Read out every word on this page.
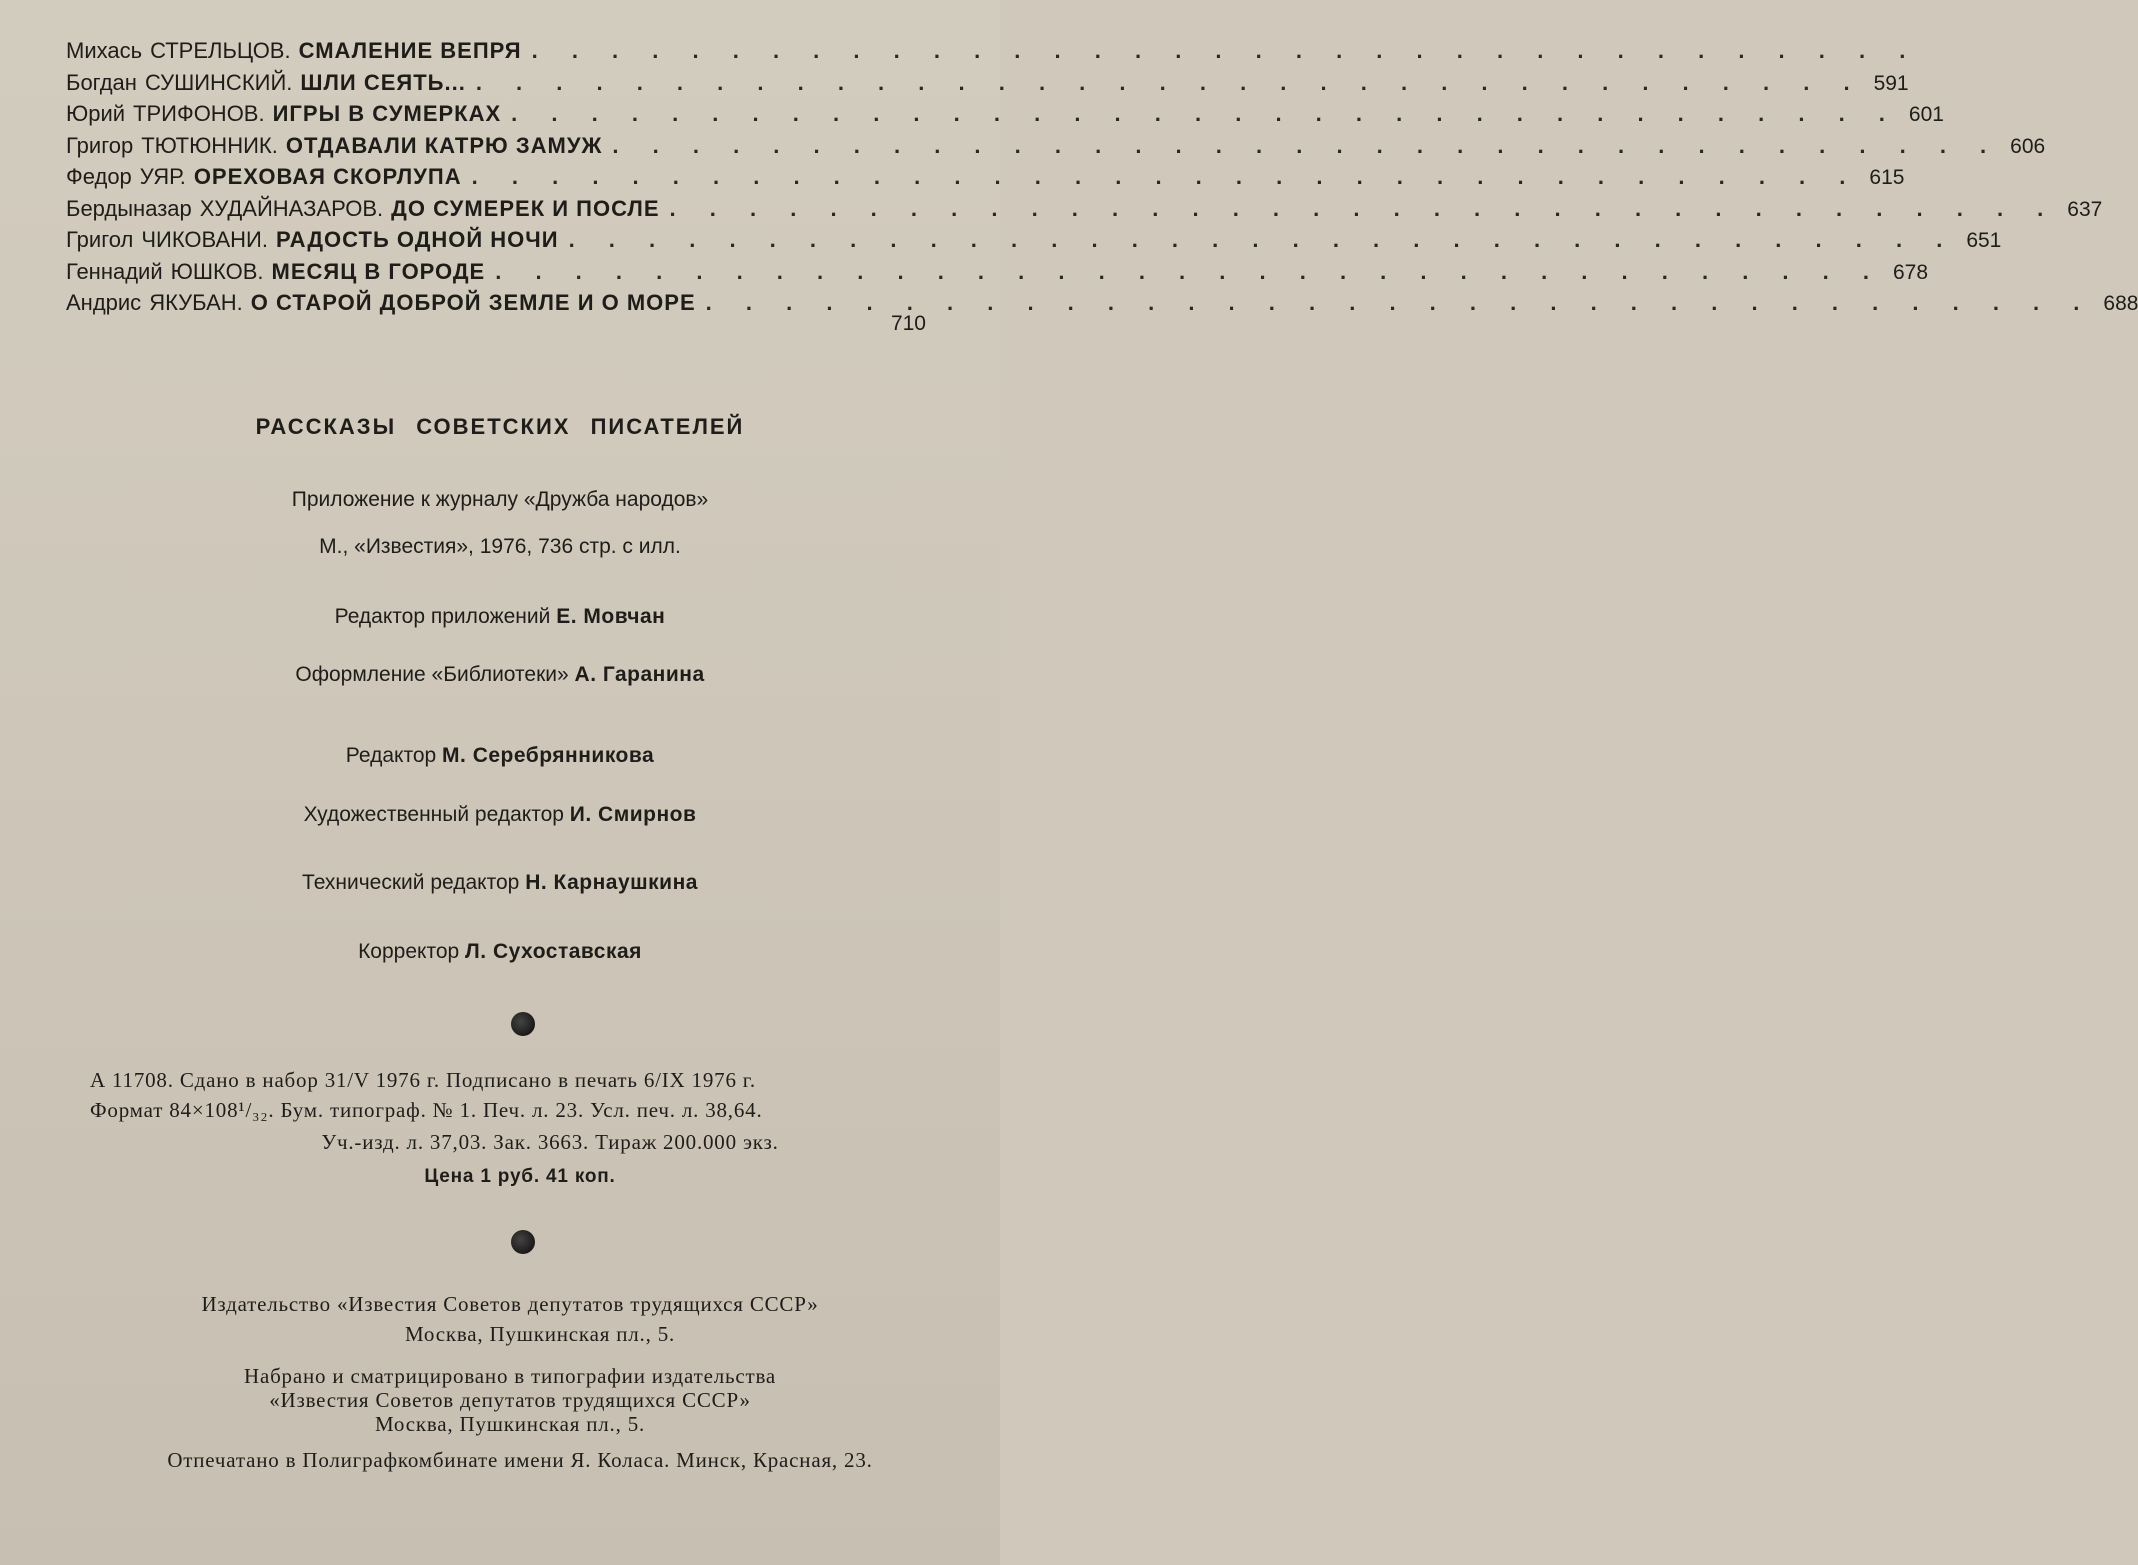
Михась СТРЕЛЬЦОВ. СМАЛЕНИЕ ВЕПРЯ . . . . . . . . . . . . . . . . . . . . . . . . . . . . . . . . . . .
Богдан СУШИНСКИЙ. ШЛИ СЕЯТЬ... . . . . . . . . . . . . . . . . . . . . . . . . . . . . . . . . . . . 591
Юрий ТРИФОНОВ. ИГРЫ В СУМЕРКАХ . . . . . . . . . . . . . . . . . . . . . . . . . . . . . . . . . . . 601
Григор ТЮТЮННИК. ОТДАВАЛИ КАТРЮ ЗАМУЖ . . . . . . . . . . . . . . . . . . . . . . . . . . . . . . . . . . . 606
Федор УЯР. ОРЕХОВАЯ СКОРЛУПА . . . . . . . . . . . . . . . . . . . . . . . . . . . . . . . . . . . 615
Бердыназар ХУДАЙНАЗАРОВ. ДО СУМЕРЕК И ПОСЛЕ . . . . . . . . . . . . . . . . . . . . . . . . . . . . . . . . . . . 637
Григол ЧИКОВАНИ. РАДОСТЬ ОДНОЙ НОЧИ . . . . . . . . . . . . . . . . . . . . . . . . . . . . . . . . . . . 651
Геннадий ЮШКОВ. МЕСЯЦ В ГОРОДЕ . . . . . . . . . . . . . . . . . . . . . . . . . . . . . . . . . . . 678
Андрис ЯКУБАН. О СТАРОЙ ДОБРОЙ ЗЕМЛЕ И О МОРЕ . . . . . . . . . . . . . . . . . . . . . . . . . . . . . . . . . . . 688
710
РАССКАЗЫ СОВЕТСКИХ ПИСАТЕЛЕЙ
Приложение к журналу «Дружба народов»
М., «Известия», 1976, 736 стр. с илл.
Редактор приложений Е. Мовчан
Оформление «Библиотеки» А. Гаранина
Редактор М. Серебрянникова
Художественный редактор И. Смирнов
Технический редактор Н. Карнаушкина
Корректор Л. Сухоставская
А 11708. Сдано в набор 31/V 1976 г. Подписано в печать 6/IX 1976 г.
Формат 84×108¹/₃₂. Бум. типограф. № 1. Печ. л. 23. Усл. печ. л. 38,64.
Уч.-изд. л. 37,03. Зак. 3663. Тираж 200.000 экз.
Цена 1 руб. 41 коп.
Издательство «Известия Советов депутатов трудящихся СССР»
Москва, Пушкинская пл., 5.
Набрано и сматрицировано в типографии издательства
«Известия Советов депутатов трудящихся СССР»
Москва, Пушкинская пл., 5.
Отпечатано в Полиграфкомбинате имени Я. Коласа. Минск, Красная, 23.
